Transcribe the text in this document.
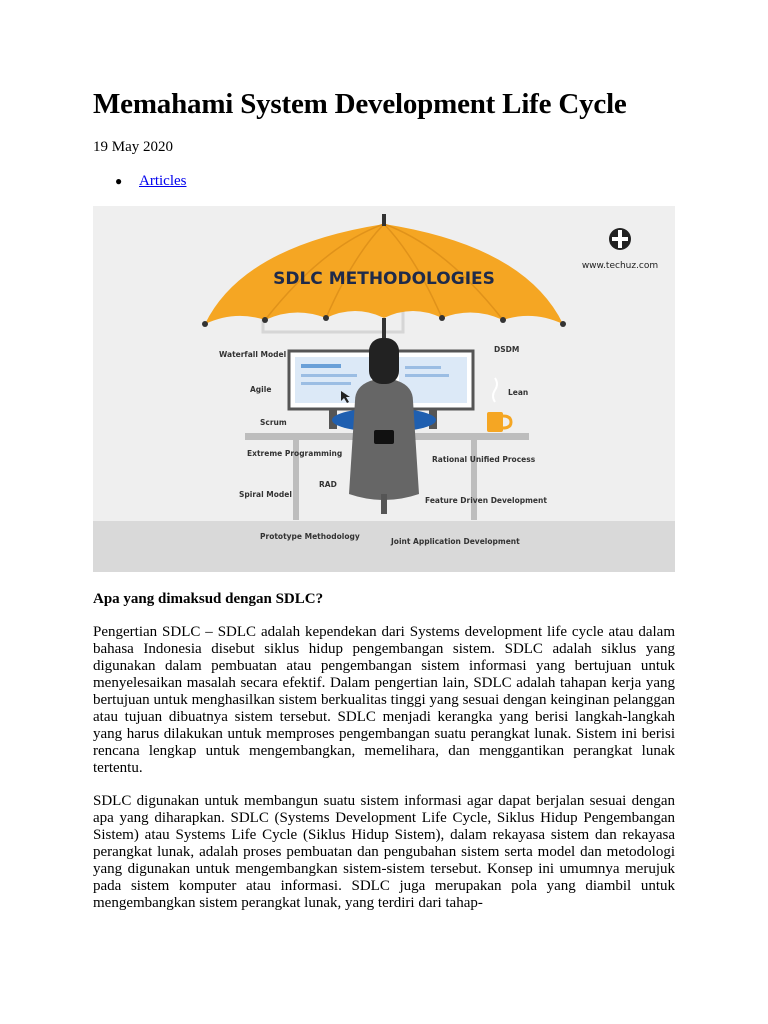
Memahami System Development Life Cycle
19 May 2020
● Articles
SDLC METHODOLOGIES
www.techuz.com
Waterfall Model
Agile
Scrum
Extreme Programming
Spiral Model
RAD
Prototype Methodology
Joint Application Development
DSDM
Lean
Rational Unified Process
Feature Driven Development
Apa yang dimaksud dengan SDLC?

Pengertian SDLC – SDLC adalah kependekan dari Systems development life cycle atau dalam bahasa Indonesia disebut siklus hidup pengembangan sistem. SDLC adalah siklus yang digunakan dalam pembuatan atau pengembangan sistem informasi yang bertujuan untuk menyelesaikan masalah secara efektif. Dalam pengertian lain, SDLC adalah tahapan kerja yang bertujuan untuk menghasilkan sistem berkualitas tinggi yang sesuai dengan keinginan pelanggan atau tujuan dibuatnya sistem tersebut. SDLC menjadi kerangka yang berisi langkah-langkah yang harus dilakukan untuk memproses pengembangan suatu perangkat lunak. Sistem ini berisi rencana lengkap untuk mengembangkan, memelihara, dan menggantikan perangkat lunak tertentu.

SDLC digunakan untuk membangun suatu sistem informasi agar dapat berjalan sesuai dengan apa yang diharapkan. SDLC (Systems Development Life Cycle, Siklus Hidup Pengembangan Sistem) atau Systems Life Cycle (Siklus Hidup Sistem), dalam rekayasa sistem dan rekayasa perangkat lunak, adalah proses pembuatan dan pengubahan sistem serta model dan metodologi yang digunakan untuk mengembangkan sistem-sistem tersebut. Konsep ini umumnya merujuk pada sistem komputer atau informasi. SDLC juga merupakan pola yang diambil untuk mengembangkan sistem perangkat lunak, yang terdiri dari tahap-
